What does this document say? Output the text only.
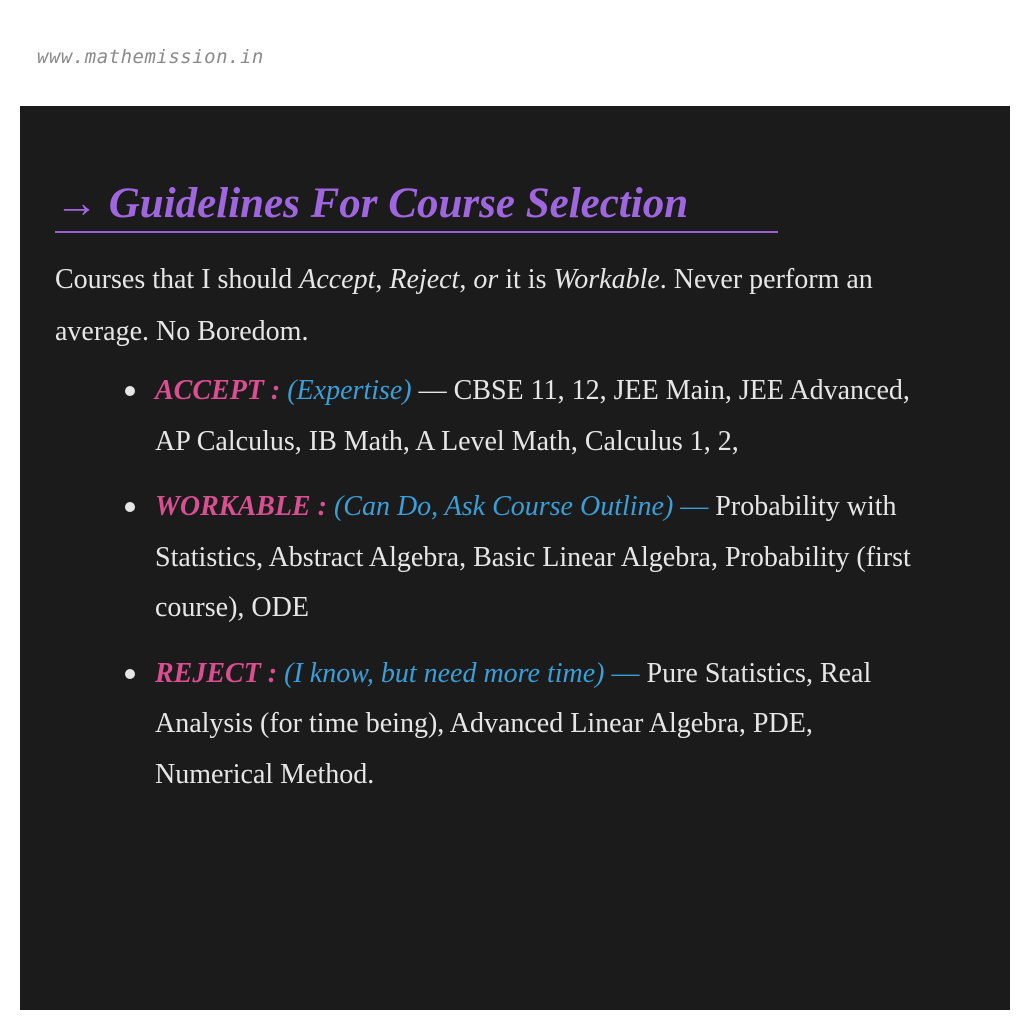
www.mathemission.in
→ Guidelines For Course Selection
Courses that I should Accept, Reject, or it is Workable. Never perform an average. No Boredom.
ACCEPT : (Expertise) — CBSE 11, 12, JEE Main, JEE Advanced, AP Calculus, IB Math, A Level Math, Calculus 1, 2,
WORKABLE : (Can Do, Ask Course Outline) — Probability with Statistics, Abstract Algebra, Basic Linear Algebra, Probability (first course), ODE
REJECT : (I know, but need more time) — Pure Statistics, Real Analysis (for time being), Advanced Linear Algebra, PDE, Numerical Method.
